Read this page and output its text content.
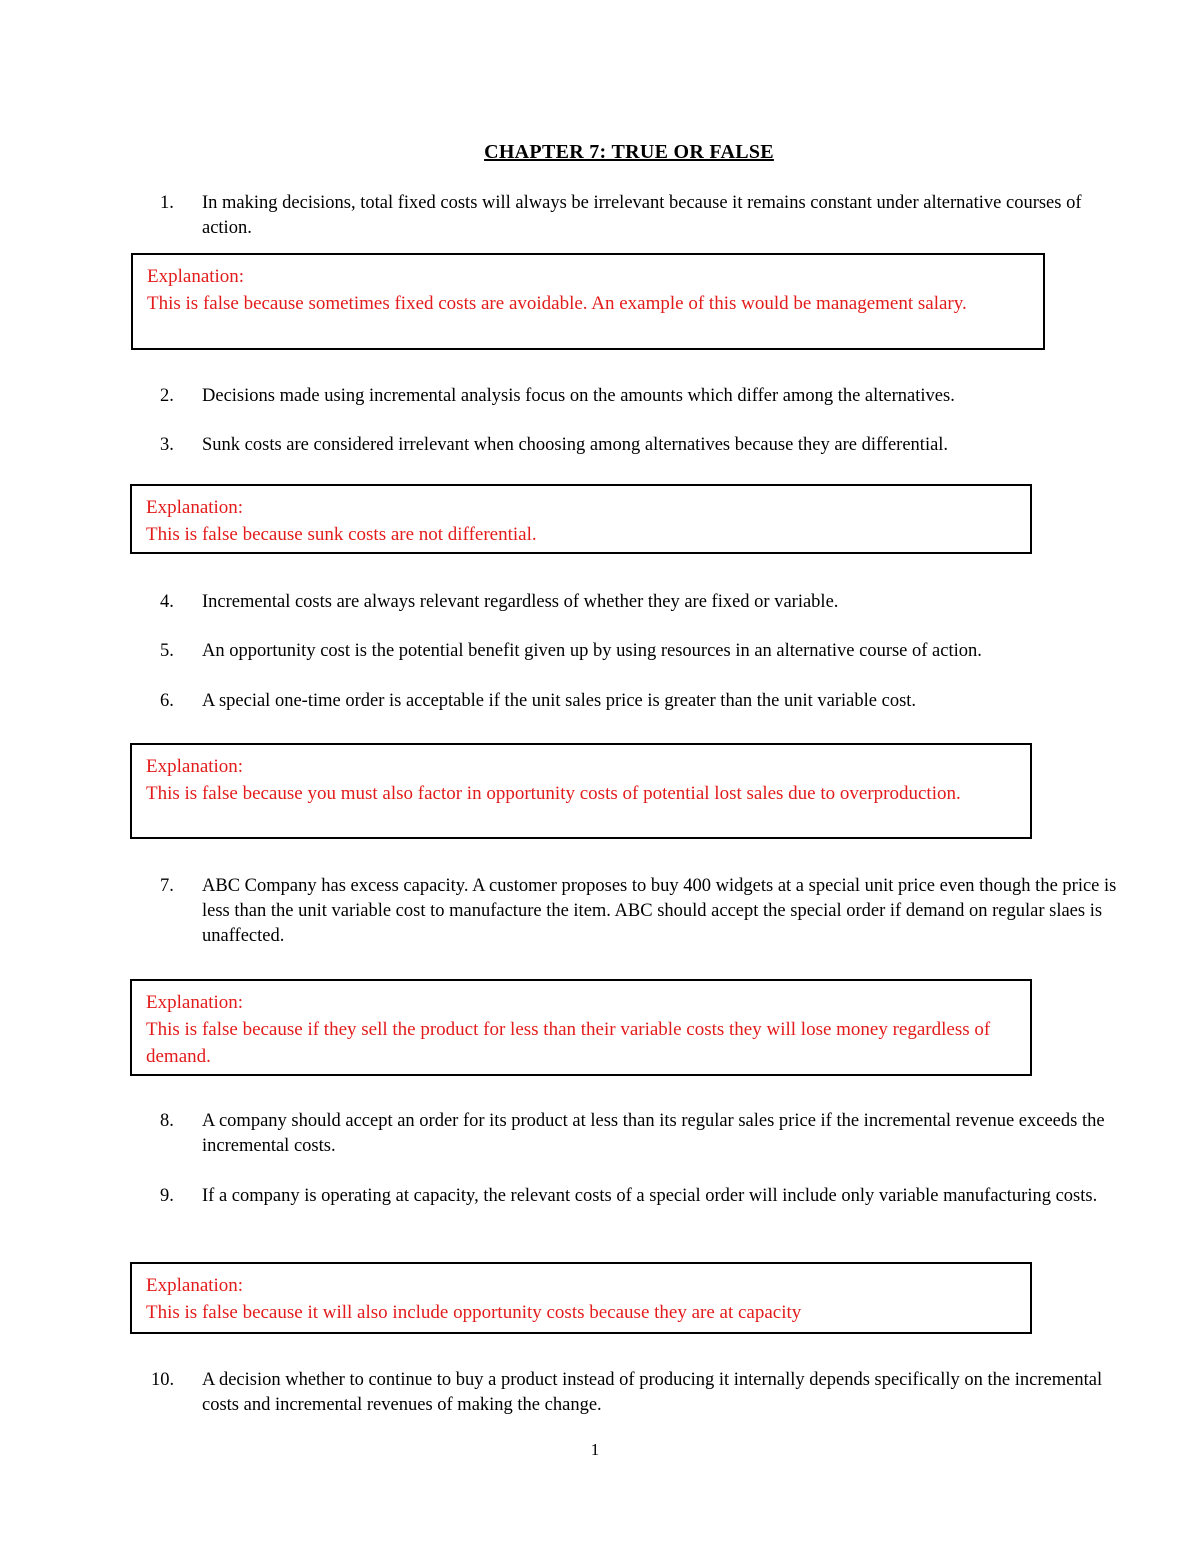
CHAPTER 7: TRUE OR FALSE
1.	In making decisions, total fixed costs will always be irrelevant because it remains constant under alternative courses of action.
Explanation:
This is false because sometimes fixed costs are avoidable. An example of this would be management salary.
2.	Decisions made using incremental analysis focus on the amounts which differ among the alternatives.
3.	Sunk costs are considered irrelevant when choosing among alternatives because they are differential.
Explanation:
This is false because sunk costs are not differential.
4.	Incremental costs are always relevant regardless of whether they are fixed or variable.
5.	An opportunity cost is the potential benefit given up by using resources in an alternative course of action.
6.	A special one-time order is acceptable if the unit sales price is greater than the unit variable cost.
Explanation:
This is false because you must also factor in opportunity costs of potential lost sales due to overproduction.
7.	ABC Company has excess capacity. A customer proposes to buy 400 widgets at a special unit price even though the price is less than the unit variable cost to manufacture the item. ABC should accept the special order if demand on regular slaes is unaffected.
Explanation:
This is false because if they sell the product for less than their variable costs they will lose money regardless of demand.
8.	A company should accept an order for its product at less than its regular sales price if the incremental revenue exceeds the incremental costs.
9.	If a company is operating at capacity, the relevant costs of a special order will include only variable manufacturing costs.
Explanation:
This is false because it will also include opportunity costs because they are at capacity
10.	A decision whether to continue to buy a product instead of producing it internally depends specifically on the incremental costs and incremental revenues of making the change.
1
